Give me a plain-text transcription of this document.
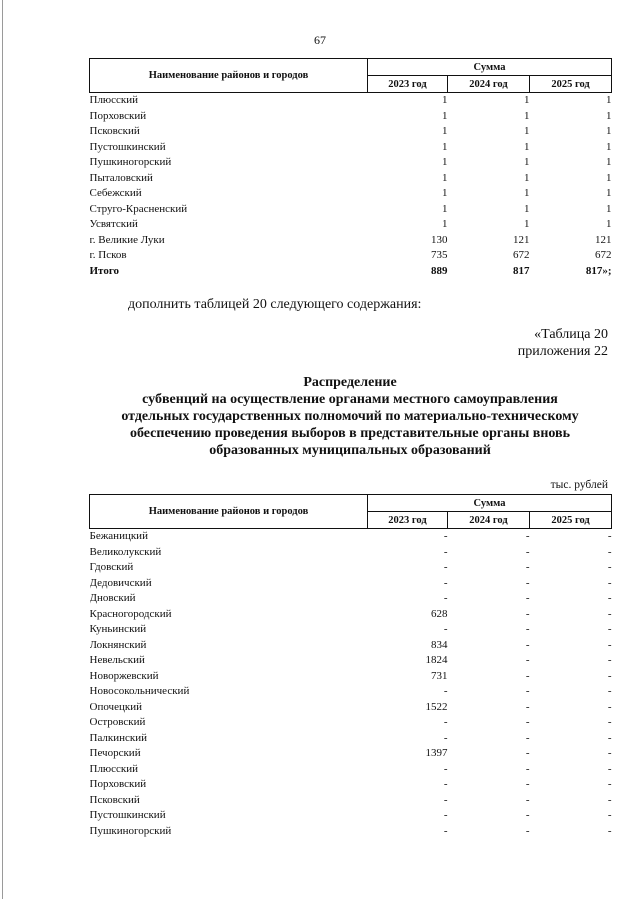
67
Наименование районов и городов	Сумма		
	2023 год	2024 год	2025 год
Плюсский	1	1	1
Порховский	1	1	1
Псковский	1	1	1
Пустошкинский	1	1	1
Пушкиногорский	1	1	1
Пыталовский	1	1	1
Себежский	1	1	1
Струго-Красненский	1	1	1
Усвятский	1	1	1
г. Великие Луки	130	121	121
г. Псков	735	672	672
Итого	889	817	817»;
дополнить таблицей 20 следующего содержания:
«Таблица 20
приложения 22
Распределение
субвенций на осуществление органами местного самоуправления
отдельных государственных полномочий по материально-техническому
обеспечению проведения выборов в представительные органы вновь
образованных муниципальных образований
тыс. рублей
Наименование районов и городов	Сумма		
	2023 год	2024 год	2025 год
Бежаницкий	-	-	-
Великолукский	-	-	-
Гдовский	-	-	-
Дедовичский	-	-	-
Дновский	-	-	-
Красногородский	628	-	-
Куньинский	-	-	-
Локнянский	834	-	-
Невельский	1824	-	-
Новоржевский	731	-	-
Новосокольнический	-	-	-
Опочецкий	1522	-	-
Островский	-	-	-
Палкинский	-	-	-
Печорский	1397	-	-
Плюсский	-	-	-
Порховский	-	-	-
Псковский	-	-	-
Пустошкинский	-	-	-
Пушкиногорский	-	-	-
